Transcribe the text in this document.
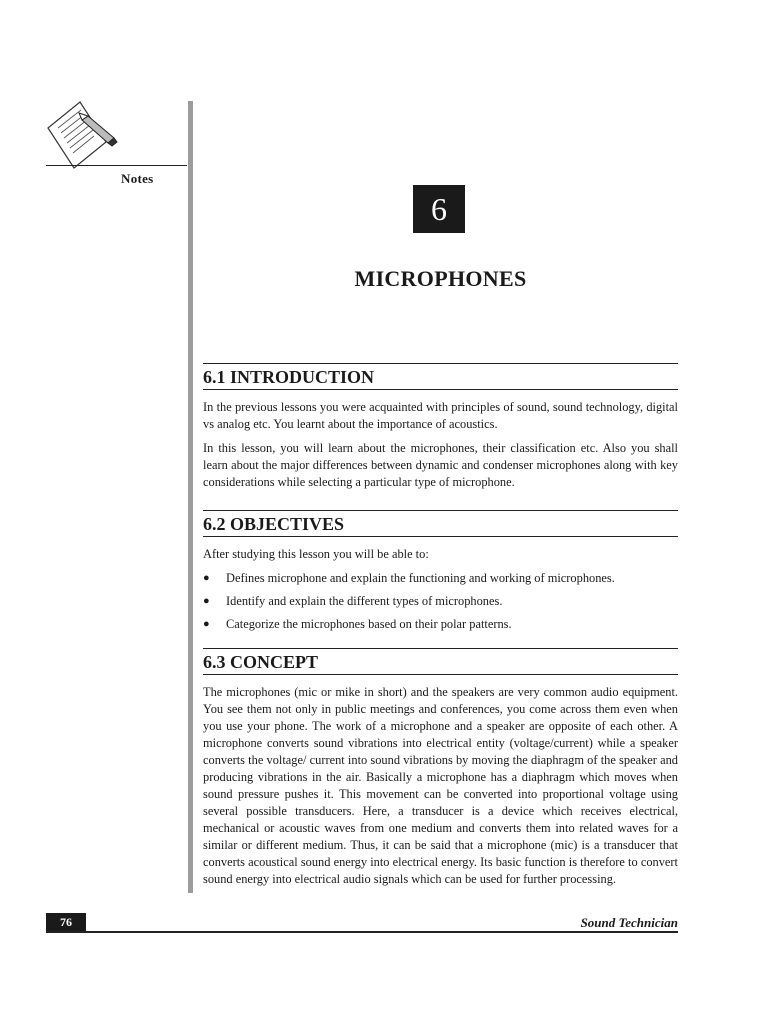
Notes
6
MICROPHONES
6.1 INTRODUCTION

In the previous lessons you were acquainted with principles of sound, sound technology, digital vs analog etc. You learnt about the importance of acoustics.

In this lesson, you will learn about the microphones, their classification etc. Also you shall learn about the major differences between dynamic and condenser microphones along with key considerations while selecting a particular type of microphone.

6.2 OBJECTIVES

After studying this lesson you will be able to:

● Defines microphone and explain the functioning and working of microphones.
● Identify and explain the different types of microphones.
● Categorize the microphones based on their polar patterns.
6.3 CONCEPT

The microphones (mic or mike in short) and the speakers are very common audio equipment. You see them not only in public meetings and conferences, you come across them even when you use your phone. The work of a microphone and a speaker are opposite of each other. A microphone converts sound vibrations into electrical entity (voltage/current) while a speaker converts the voltage/ current into sound vibrations by moving the diaphragm of the speaker and producing vibrations in the air. Basically a microphone has a diaphragm which moves when sound pressure pushes it. This movement can be converted into proportional voltage using several possible transducers. Here, a transducer is a device which receives electrical, mechanical or acoustic waves from one medium and converts them into related waves for a similar or different medium. Thus, it can be said that a microphone (mic) is a transducer that converts acoustical sound energy into electrical energy. Its basic function is therefore to convert sound energy into electrical audio signals which can be used for further processing.

76	Sound Technician
